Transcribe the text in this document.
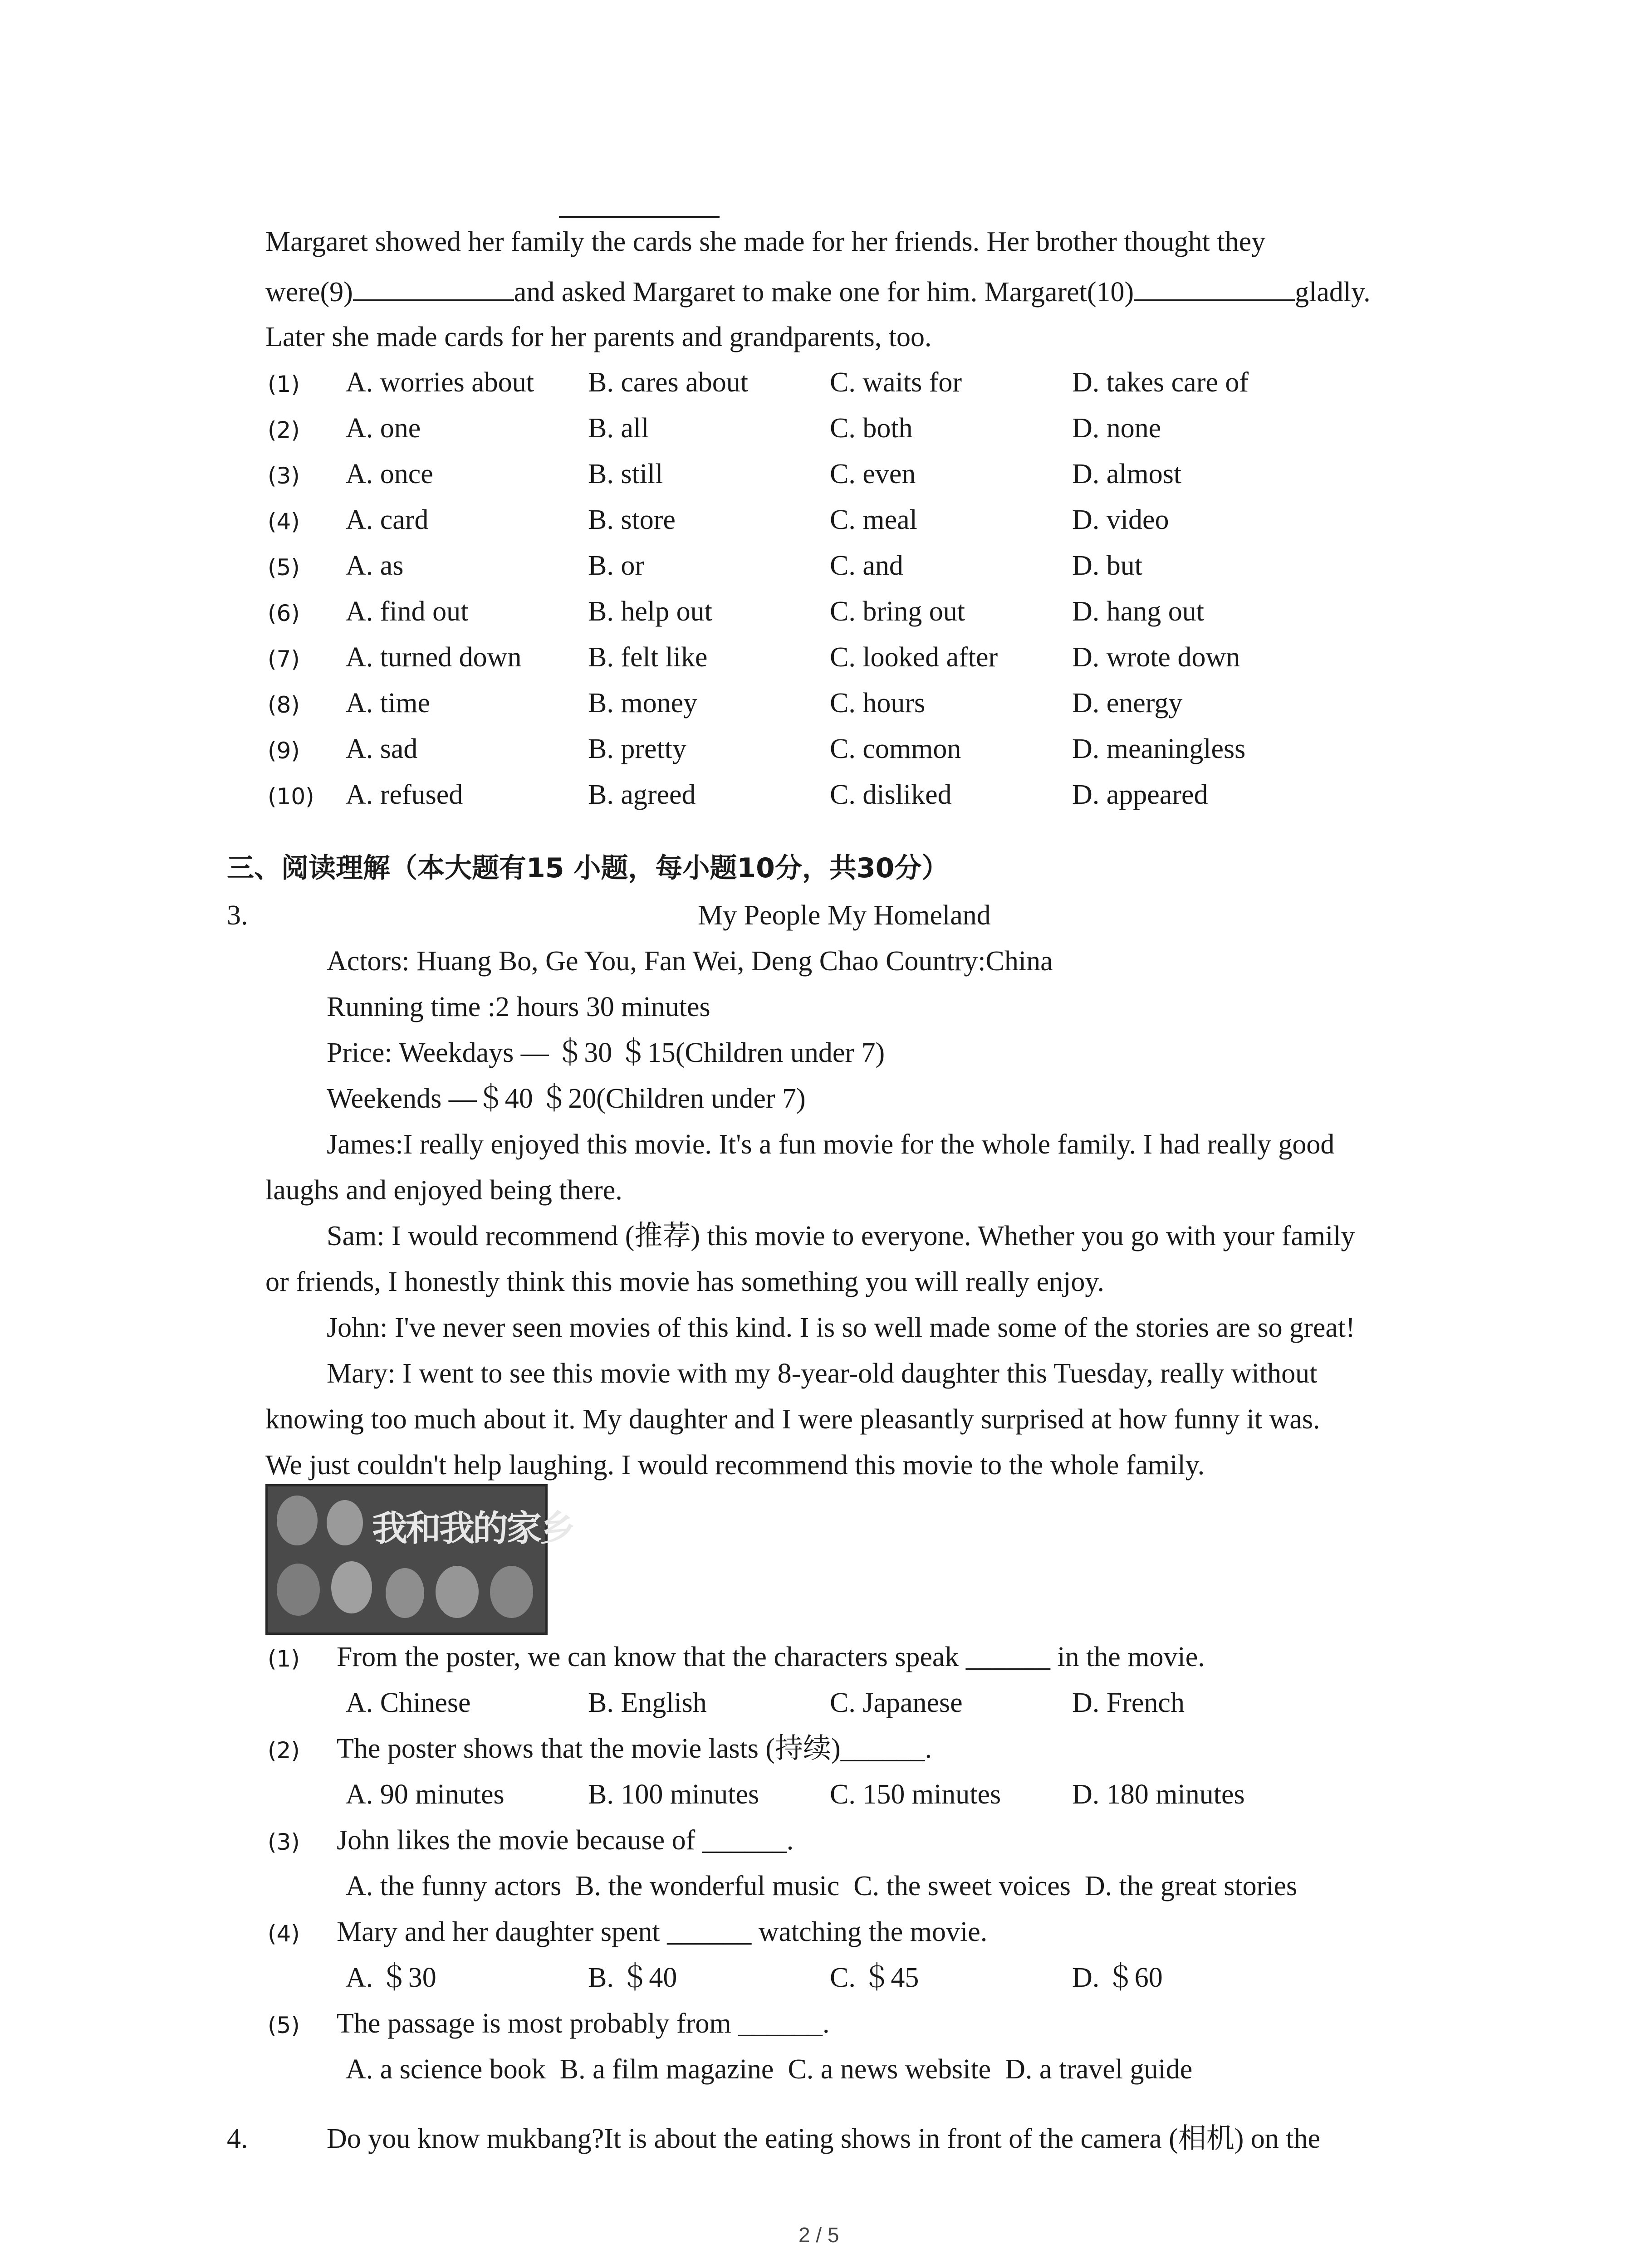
Margaret showed her family the cards she made for her friends. Her brother thought they
were(9)	and asked Margaret to make one for him. Margaret(10)	gladly.
Later she made cards for her parents and grandparents, too.
(1) A. worries about B. cares about	C. waits for	D. takes care of
(2) A. one	B. all	C. both	D. none
(3) A. once	B. still	C. even	D. almost
(4) A. card	B. store	C. meal	D. video
(5) A. as	B. or	C. and	D. but
(6) A. find out	B. help out	C. bring out	D. hang out
(7) A. turned down B. felt like	C. looked after	D. wrote down
(8) A. time	B. money	C. hours	D. energy
(9) A. sad	B. pretty	C. common	D. meaningless
(10) A. refused	B. agreed	C. disliked	D. appeared
三、阅读理解（本大题有15 小题，每小题10分，共30分）
3.	My People My Homeland
Actors: Huang Bo, Ge You, Fan Wei, Deng Chao Country:China
Running time :2 hours 30 minutes
Price: Weekdays — ＄30 ＄15(Children under 7)
Weekends —＄40 ＄20(Children under 7)
James:I really enjoyed this movie. It's a fun movie for the whole family. I had really good
laughs and enjoyed being there.
Sam: I would recommend (推荐) this movie to everyone. Whether you go with your family
or friends, I honestly think this movie has something you will really enjoy.
John: I've never seen movies of this kind. I is so well made some of the stories are so great!
Mary: I went to see this movie with my 8-year-old daughter this Tuesday, really without
knowing too much about it. My daughter and I were pleasantly surprised at how funny it was.
We just couldn't help laughing. I would recommend this movie to the whole family.
我和我的家乡
(1) From the poster, we can know that the characters speak ______ in the movie.
A. Chinese	B. English	C. Japanese	D. French
(2) The poster shows that the movie lasts (持续)______.
A. 90 minutes	B. 100 minutes	C. 150 minutes	D. 180 minutes
(3) John likes the movie because of ______.
A. the funny actors  B. the wonderful music  C. the sweet voices  D. the great stories
(4) Mary and her daughter spent ______ watching the movie.
A. ＄30	B. ＄40	C. ＄45	D. ＄60
(5) The passage is most probably from ______.
A. a science book  B. a film magazine  C. a news website  D. a travel guide
4.	Do you know mukbang?It is about the eating shows in front of the camera (相机) on the
2 / 5
